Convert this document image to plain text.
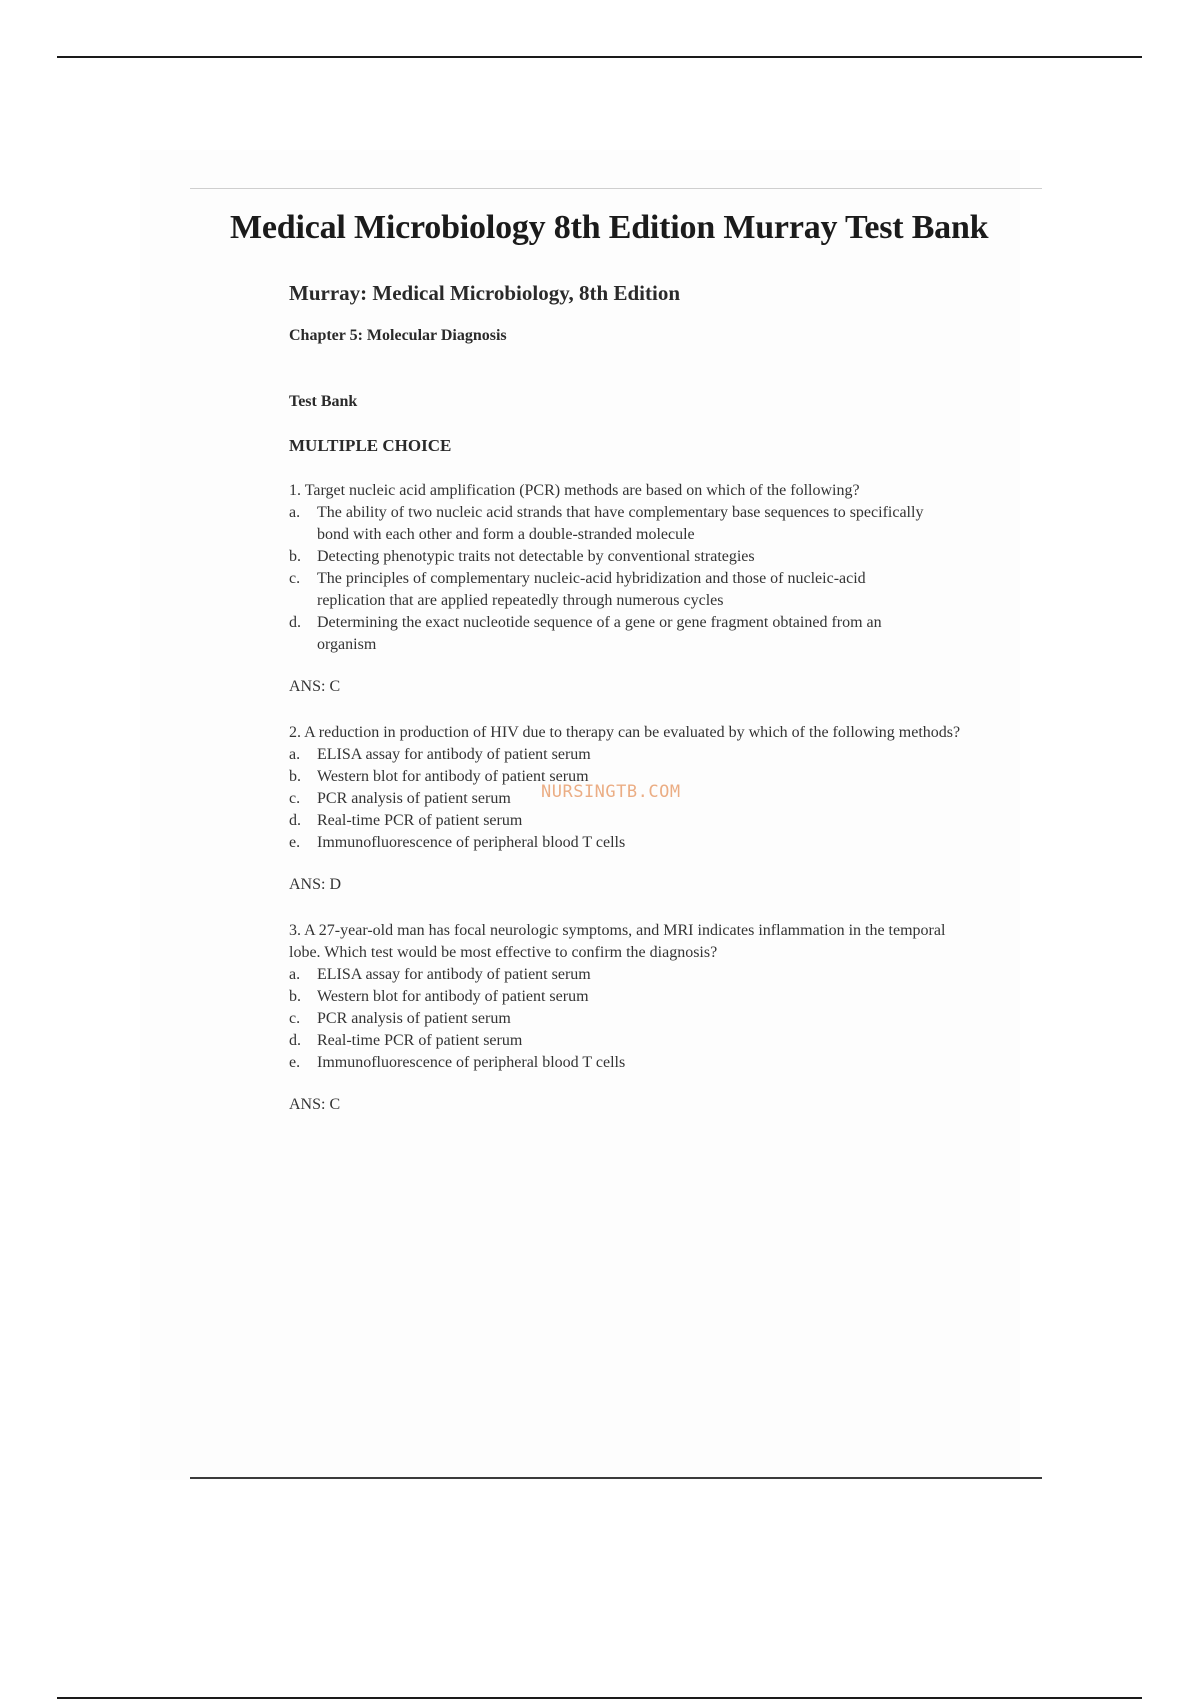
Medical Microbiology 8th Edition Murray Test Bank
Murray: Medical Microbiology, 8th Edition
Chapter 5: Molecular Diagnosis
Test Bank
MULTIPLE CHOICE

1. Target nucleic acid amplification (PCR) methods are based on which of the following?

a.	The ability of two nucleic acid strands that have complementary base sequences to specifically bond with each other and form a double-stranded molecule
b.	Detecting phenotypic traits not detectable by conventional strategies
c.	The principles of complementary nucleic-acid hybridization and those of nucleic-acid replication that are applied repeatedly through numerous cycles
d.	Determining the exact nucleotide sequence of a gene or gene fragment obtained from an organism
ANS: C

2. A reduction in production of HIV due to therapy can be evaluated by which of the following methods?

a.	ELISA assay for antibody of patient serum
b.	Western blot for antibody of patient serum
c.	PCR analysis of patient serum
d.	Real-time PCR of patient serum
e.	Immunofluorescence of peripheral blood T cells
ANS: D

3. A 27-year-old man has focal neurologic symptoms, and MRI indicates inflammation in the temporal lobe. Which test would be most effective to confirm the diagnosis?

a.	ELISA assay for antibody of patient serum
b.	Western blot for antibody of patient serum
c.	PCR analysis of patient serum
d.	Real-time PCR of patient serum
e.	Immunofluorescence of peripheral blood T cells
ANS: C
NURSINGTB.COM
